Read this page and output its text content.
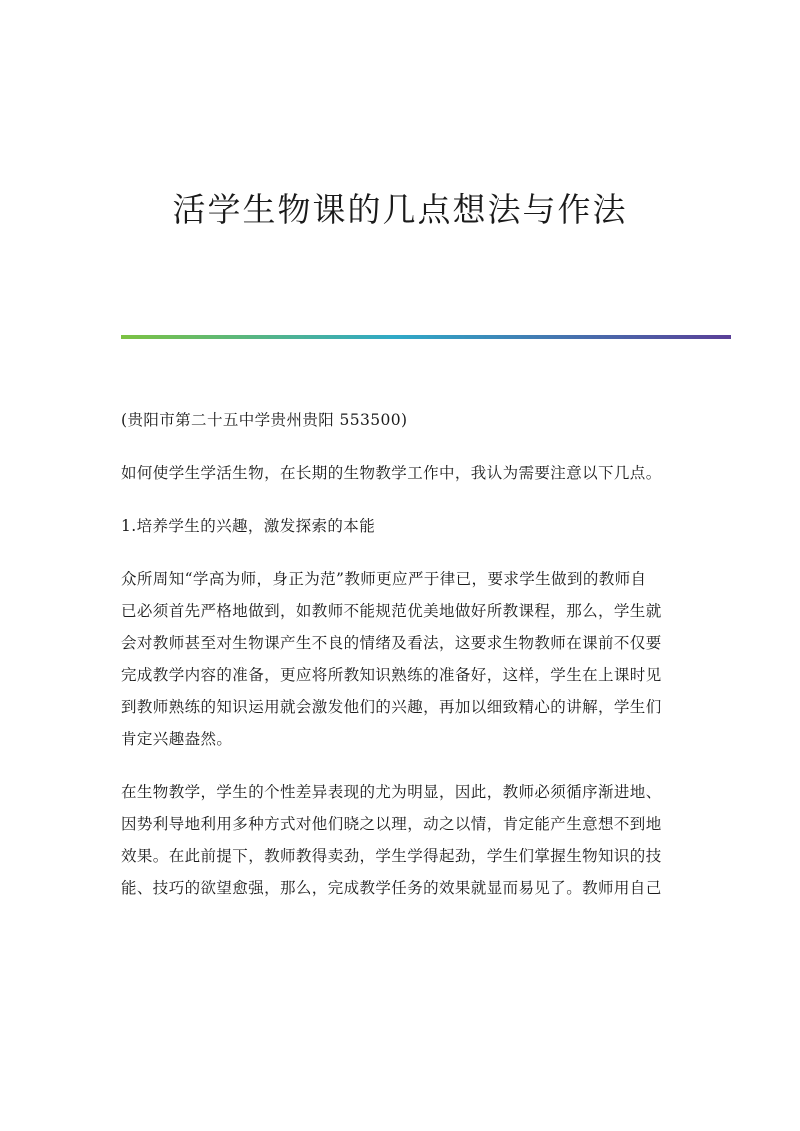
活学生物课的几点想法与作法

(贵阳市第二十五中学贵州贵阳 553500)

如何使学生学活生物，在长期的生物教学工作中，我认为需要注意以下几点。

1.培养学生的兴趣，激发探索的本能

众所周知“学高为师，身正为范”教师更应严于律已，要求学生做到的教师自

已必须首先严格地做到，如教师不能规范优美地做好所教课程，那么，学生就

会对教师甚至对生物课产生不良的情绪及看法，这要求生物教师在课前不仅要

完成教学内容的准备，更应将所教知识熟练的准备好，这样，学生在上课时见

到教师熟练的知识运用就会激发他们的兴趣，再加以细致精心的讲解，学生们

肯定兴趣盎然。

在生物教学，学生的个性差异表现的尤为明显，因此，教师必须循序渐进地、

因势利导地利用多种方式对他们晓之以理，动之以情，肯定能产生意想不到地

效果。在此前提下，教师教得卖劲，学生学得起劲，学生们掌握生物知识的技

能、技巧的欲望愈强，那么，完成教学任务的效果就显而易见了。教师用自己
